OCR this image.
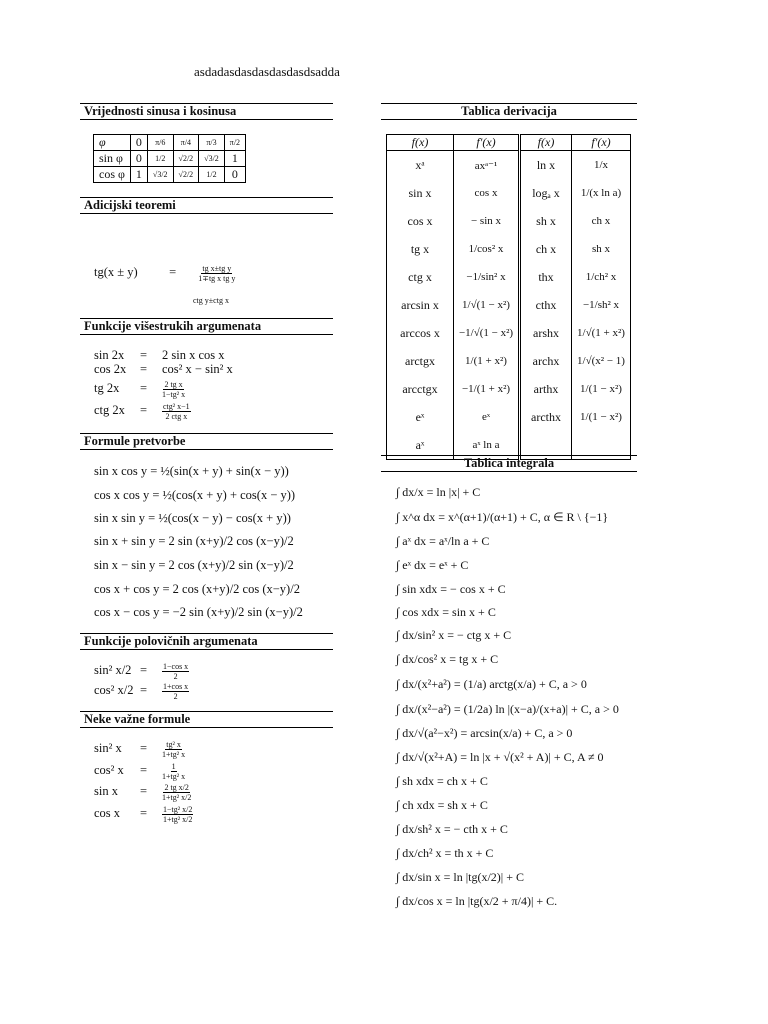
asdadasdasdasdasdasdsadda
Vrijednosti sinusa i kosinusa
φ	0	π/6	π/4	π/3	π/2
sin φ	0	1/2	√2/2	√3/2	1
cos φ	1	√3/2	√2/2	1/2	0
Adicijski teoremi
tg(x ± y)	=	$\frac{\text{tg x±tg y}}{\text{1∓tg x tg y}}$
ctg y±ctg x
Funkcije višestrukih argumenata
sin 2x = 2 sin x cos x
cos 2x = cos² x − sin² x
tg $2x = \frac{\text{2 tg x}}{\text{1−tg² x}}$
ctg $2x = \frac{\text{ctg² x−1}}{\text{2 ctg x}}$
Formule pretvorbe
sin x cos y = ½(sin(x + y) + sin(x − y))
cos x cos y = ½(cos(x + y) + cos(x − y))
sin x sin y = ½(cos(x − y) − cos(x + y))
sin x + sin y = 2 sin (x+y)/2 cos (x−y)/2
sin x − sin y = 2 cos (x+y)/2 sin (x−y)/2
cos x + cos y = 2 cos (x+y)/2 cos (x−y)/2
cos x − cos y = −2 sin (x+y)/2 sin (x−y)/2
Funkcije polovičnih argumenata
sin² $x/2 = \frac{\text{1−cos x}}{2}$
cos² $x/2 = \frac{\text{1+cos x}}{2}$
Neke važne formule
sin² $x = \frac{\text{tg² x}}{\text{1+tg² x}}$
cos² $x = \frac{1}{\text{1+tg² x}}$
$\sin x = \frac{\text{2 tg x/2}}{\text{1+tg² x/2}}$
$\cos x = \frac{\text{1−tg² x/2}}{\text{1+tg² x/2}}$
Tablica derivacija
f(x)	f′(x)	f(x)	f′(x)
xᵃ	axᵃ⁻¹	ln x	1/x
sin x	cos x	logₐ x	1/(x ln a)
cos x	− sin x	sh x	ch x
tg x	1/cos² x	ch x	sh x
ctg x	−1/sin² x	thx	1/ch² x
arcsin x	1/√(1 − x²)	cthx	−1/sh² x
arccos x	−1/√(1 − x²)	arshx	1/√(1 + x²)
arctgx	1/(1 + x²)	archx	1/√(x² − 1)
arcctgx	−1/(1 + x²)	arthx	1/(1 − x²)
eˣ	eˣ	arcthx	1/(1 − x²)
aˣ	aˣ ln a		
Tablica integrala
∫ dx/x = ln |x| + C
∫ x^α dx = x^(α+1)/(α+1) + C, α ∈ R \ {−1}
∫ aˣ dx = aˣ/ln a + C
∫ eˣ dx = eˣ + C
∫ sin xdx = − cos x + C
∫ cos xdx = sin x + C
∫ dx/sin² x = − ctg x + C
∫ dx/cos² x = tg x + C
∫ dx/(x²+a²) = (1/a) arctg(x/a) + C, a > 0
∫ dx/(x²−a²) = (1/2a) ln |(x−a)/(x+a)| + C, a > 0
∫ dx/√(a²−x²) = arcsin(x/a) + C, a > 0
∫ dx/√(x²+A) = ln |x + √(x² + A)| + C, A ≠ 0
∫ sh xdx = ch x + C
∫ ch xdx = sh x + C
∫ dx/sh² x = − cth x + C
∫ dx/ch² x = th x + C
∫ dx/sin x = ln |tg(x/2)| + C
∫ dx/cos x = ln |tg(x/2 + π/4)| + C.
